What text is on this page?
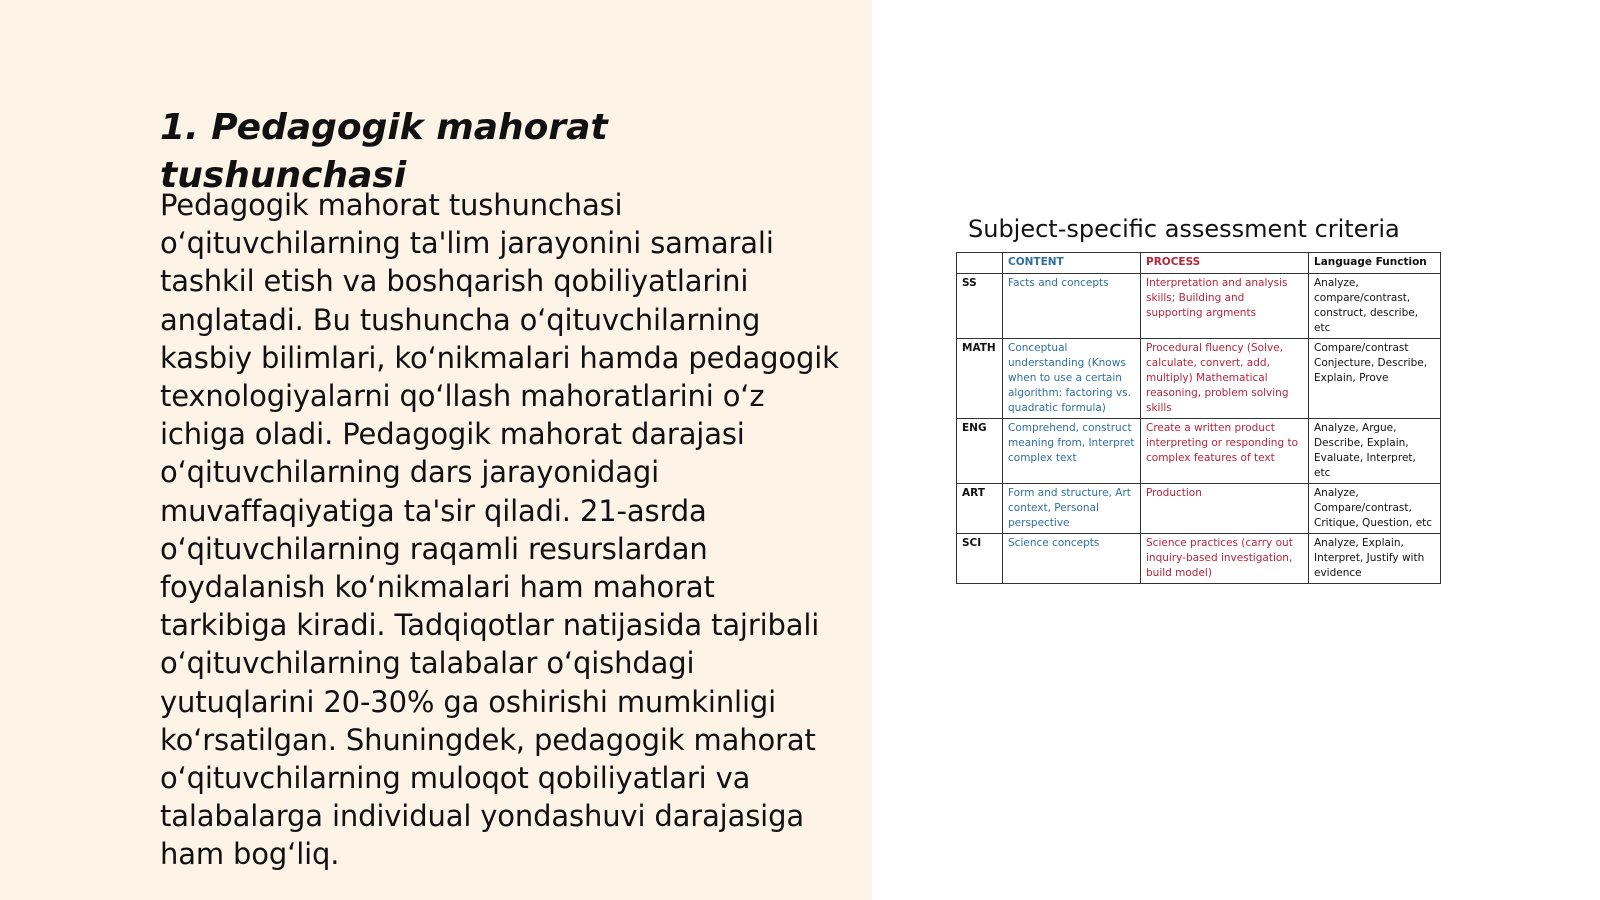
1. Pedagogik mahorat tushunchasi

Pedagogik mahorat tushunchasi oʻqituvchilarning ta'lim jarayonini samarali tashkil etish va boshqarish qobiliyatlarini anglatadi. Bu tushuncha oʻqituvchilarning kasbiy bilimlari, koʻnikmalari hamda pedagogik texnologiyalarni qoʻllash mahoratlarini oʻz ichiga oladi. Pedagogik mahorat darajasi oʻqituvchilarning dars jarayonidagi muvaffaqiyatiga ta'sir qiladi. 21-asrda oʻqituvchilarning raqamli resurslardan foydalanish koʻnikmalari ham mahorat tarkibiga kiradi. Tadqiqotlar natijasida tajribali oʻqituvchilarning talabalar oʻqishdagi yutuqlarini 20-30% ga oshirishi mumkinligi koʻrsatilgan. Shuningdek, pedagogik mahorat oʻqituvchilarning muloqot qobiliyatlari va talabalarga individual yondashuvi darajasiga ham bogʻliq.

Subject-specific assessment criteria
	CONTENT	PROCESS	Language Function
SS	Facts and concepts	Interpretation and analysis skills; Building and supporting argments	Analyze, compare/contrast, construct, describe, etc
MATH	Conceptual understanding (Knows when to use a certain algorithm: factoring vs. quadratic formula)	Procedural fluency (Solve, calculate, convert, add, multiply) Mathematical reasoning, problem solving skills	Compare/contrast Conjecture, Describe, Explain, Prove
ENG	Comprehend, construct meaning from, Interpret complex text	Create a written product interpreting or responding to complex features of text	Analyze, Argue, Describe, Explain, Evaluate, Interpret, etc
ART	Form and structure, Art context, Personal perspective	Production	Analyze, Compare/contrast, Critique, Question, etc
SCI	Science concepts	Science practices (carry out inquiry-based investigation, build model)	Analyze, Explain, Interpret, Justify with evidence
